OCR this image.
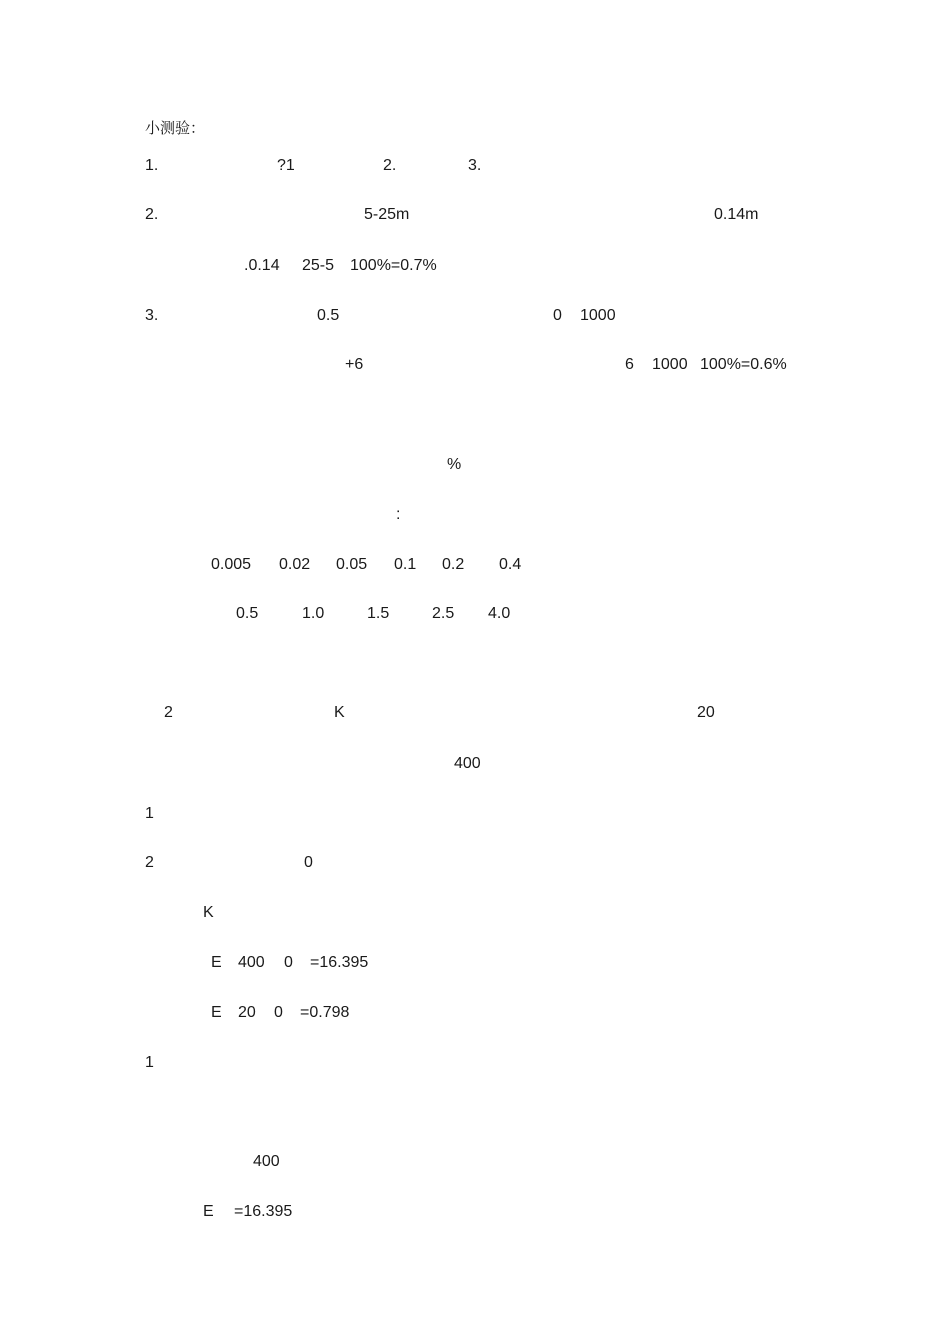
小测验：
1.	?1	2.	3.
2.	5-25m	0.14m
.0.14 25-5 100%=0.7%
3.	0.5	0 1000
+6	6 1000 100%=0.6%
%
:
0.005 0.02 0.05 0.1 0.2 0.4
0.5	1.0	1.5	2.5 4.0
2	K	20
400
1
2	0
K
E 400 0 =16.395
E 20 0 =0.798
1
400
E =16.395
